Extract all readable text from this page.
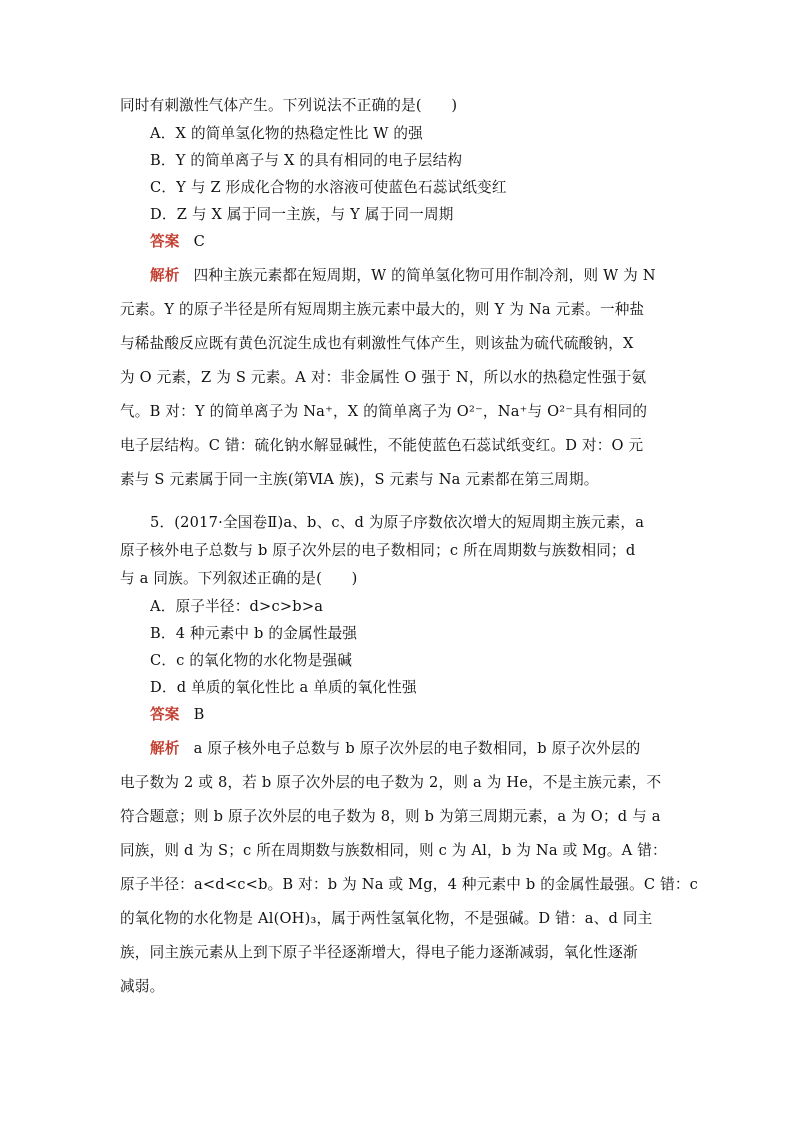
同时有刺激性气体产生。下列说法不正确的是(　　)
A．X 的简单氢化物的热稳定性比 W 的强
B．Y 的简单离子与 X 的具有相同的电子层结构
C．Y 与 Z 形成化合物的水溶液可使蓝色石蕊试纸变红
D．Z 与 X 属于同一主族，与 Y 属于同一周期
答案 C
解析 四种主族元素都在短周期，W 的简单氢化物可用作制冷剂，则 W 为 N
元素。Y 的原子半径是所有短周期主族元素中最大的，则 Y 为 Na 元素。一种盐
与稀盐酸反应既有黄色沉淀生成也有刺激性气体产生，则该盐为硫代硫酸钠，X
为 O 元素，Z 为 S 元素。A 对：非金属性 O 强于 N，所以水的热稳定性强于氨
气。B 对：Y 的简单离子为 Na⁺，X 的简单离子为 O²⁻，Na⁺与 O²⁻具有相同的
电子层结构。C 错：硫化钠水解显碱性，不能使蓝色石蕊试纸变红。D 对：O 元
素与 S 元素属于同一主族(第ⅥA 族)，S 元素与 Na 元素都在第三周期。
5．(2017·全国卷Ⅱ)a、b、c、d 为原子序数依次增大的短周期主族元素，a
原子核外电子总数与 b 原子次外层的电子数相同；c 所在周期数与族数相同；d
与 a 同族。下列叙述正确的是(　　)
A．原子半径：d>c>b>a
B．4 种元素中 b 的金属性最强
C．c 的氧化物的水化物是强碱
D．d 单质的氧化性比 a 单质的氧化性强
答案 B
解析 a 原子核外电子总数与 b 原子次外层的电子数相同，b 原子次外层的
电子数为 2 或 8，若 b 原子次外层的电子数为 2，则 a 为 He，不是主族元素，不
符合题意；则 b 原子次外层的电子数为 8，则 b 为第三周期元素，a 为 O；d 与 a
同族，则 d 为 S；c 所在周期数与族数相同，则 c 为 Al，b 为 Na 或 Mg。A 错：
原子半径：a<d<c<b。B 对：b 为 Na 或 Mg，4 种元素中 b 的金属性最强。C 错：c
的氧化物的水化物是 Al(OH)₃，属于两性氢氧化物，不是强碱。D 错：a、d 同主
族，同主族元素从上到下原子半径逐渐增大，得电子能力逐渐减弱，氧化性逐渐
减弱。
